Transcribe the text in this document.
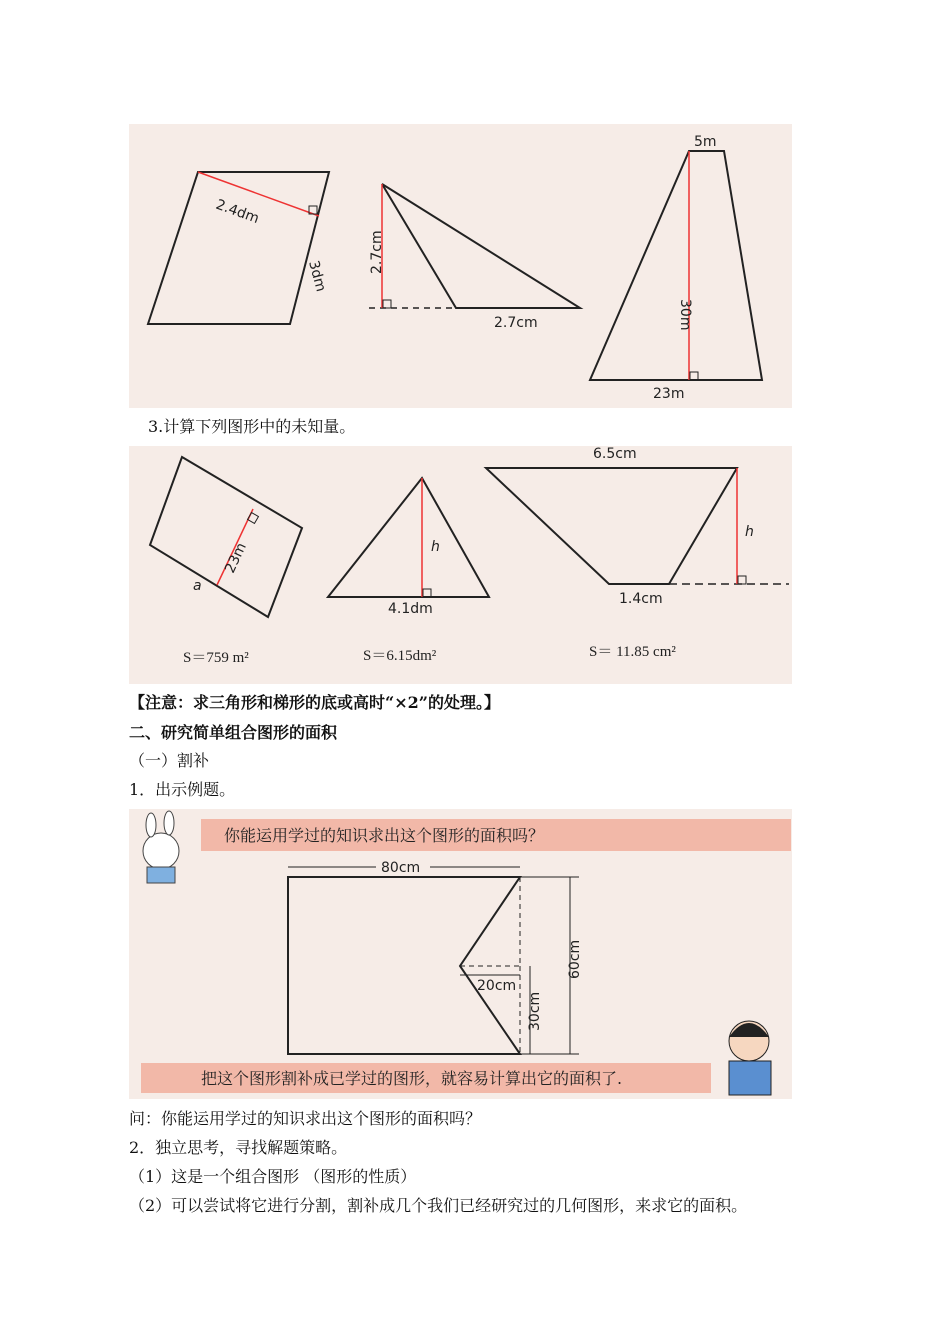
2.4dm
3dm
2.7cm
2.7cm
5m
30m
23m
3.计算下列图形中的未知量。
23m
a
S＝759 m²
h
4.1dm
S＝6.15dm²
6.5cm
h
1.4cm
S＝ 11.85 cm²
【注意：求三角形和梯形的底或高时“×2”的处理。】
二、研究简单组合图形的面积
（一）割补
1．出示例题。
你能运用学过的知识求出这个图形的面积吗？
80cm
60cm
20cm
30cm
把这个图形割补成已学过的图形，就容易计算出它的面积了.
问：你能运用学过的知识求出这个图形的面积吗？
2．独立思考，寻找解题策略。
（1）这是一个组合图形 （图形的性质）
（2）可以尝试将它进行分割，割补成几个我们已经研究过的几何图形，来求它的面积。
